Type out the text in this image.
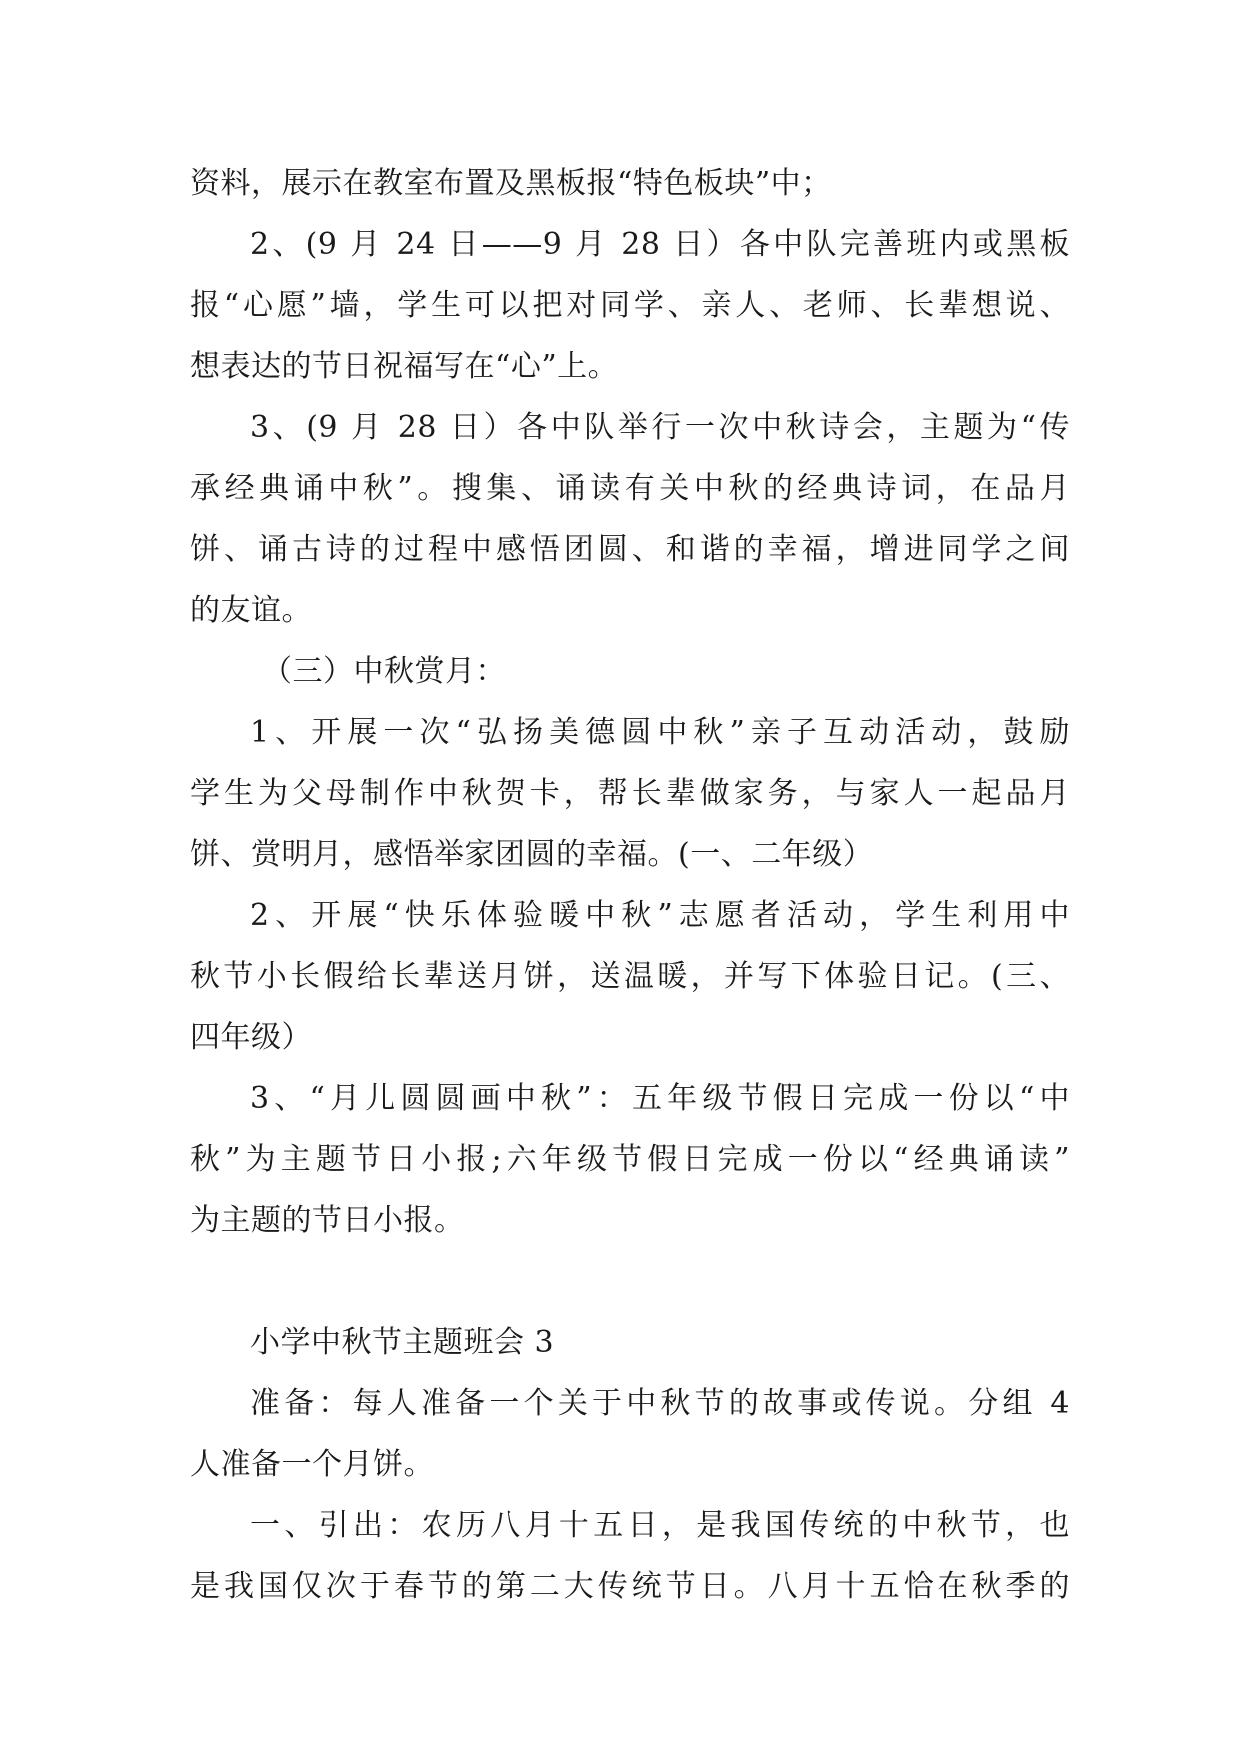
资料，展示在教室布置及黑板报“特色板块”中；
2、(9 月 24 日——9 月 28 日）各中队完善班内或黑板
报“心愿”墙，学生可以把对同学、亲人、老师、长辈想说、
想表达的节日祝福写在“心”上。
3、(9 月 28 日）各中队举行一次中秋诗会，主题为“传
承经典诵中秋”。搜集、诵读有关中秋的经典诗词，在品月
饼、诵古诗的过程中感悟团圆、和谐的幸福，增进同学之间
的友谊。
（三）中秋赏月：
1、开展一次“弘扬美德圆中秋”亲子互动活动，鼓励
学生为父母制作中秋贺卡，帮长辈做家务，与家人一起品月
饼、赏明月，感悟举家团圆的幸福。(一、二年级）
2、开展“快乐体验暖中秋”志愿者活动，学生利用中
秋节小长假给长辈送月饼，送温暖，并写下体验日记。(三、
四年级）
3、“月儿圆圆画中秋”：五年级节假日完成一份以“中
秋”为主题节日小报;六年级节假日完成一份以“经典诵读”
为主题的节日小报。
小学中秋节主题班会 3
准备：每人准备一个关于中秋节的故事或传说。分组 4
人准备一个月饼。
一、引出：农历八月十五日，是我国传统的中秋节，也
是我国仅次于春节的第二大传统节日。八月十五恰在秋季的
